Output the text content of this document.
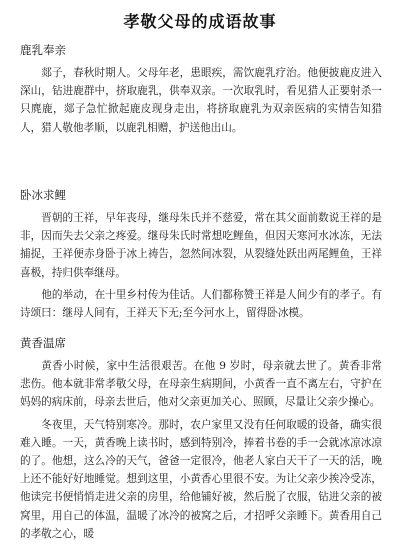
孝敬父母的成语故事
鹿乳奉亲

郯子，春秋时期人。父母年老，患眼疾，需饮鹿乳疗治。他便披鹿皮进入深山，钻进鹿群中，挤取鹿乳，供奉双亲。一次取乳时，看见猎人正要射杀一只麂鹿，郯子急忙掀起鹿皮现身走出，将挤取鹿乳为双亲医病的实情告知猎人，猎人敬他孝顺，以鹿乳相赠，护送他出山。

卧冰求鲤

晋朝的王祥，早年丧母，继母朱氏并不慈爱，常在其父面前数说王祥的是非，因而失去父亲之疼爱。继母朱氏时常想吃鲤鱼，但因天寒河水冰冻，无法捕捉，王祥便赤身卧于冰上祷告，忽然间冰裂，从裂缝处跃出两尾鲤鱼，王祥喜极，持归供奉继母。

他的举动，在十里乡村传为佳话。人们都称赞王祥是人间少有的孝子。有诗颂曰：继母人间有，王祥天下无;至今河水上，留得卧冰模。

黄香温席

黄香小时候，家中生活很艰苦。在他 9 岁时，母亲就去世了。黄香非常悲伤。他本就非常孝敬父母，在母亲生病期间，小黄香一直不离左右，守护在妈妈的病床前，母亲去世后，他对父亲更加关心、照顾，尽量让父亲少操心。

冬夜里，天气特别寒冷。那时，农户家里又没有任何取暖的设备，确实很难入睡。一天，黄香晚上读书时，感到特别冷，捧着书卷的手一会就冰凉冰凉的了。他想，这么冷的天气，爸爸一定很冷，他老人家白天干了一天的活，晚上还不能好好地睡觉。想到这里，小黄香心里很不安。为让父亲少挨冷受冻，他读完书便悄悄走进父亲的房里，给他铺好被，然后脱了衣服，钻进父亲的被窝里，用自己的体温，温暖了冰冷的被窝之后，才招呼父亲睡下。黄香用自己的孝敬之心，暖
